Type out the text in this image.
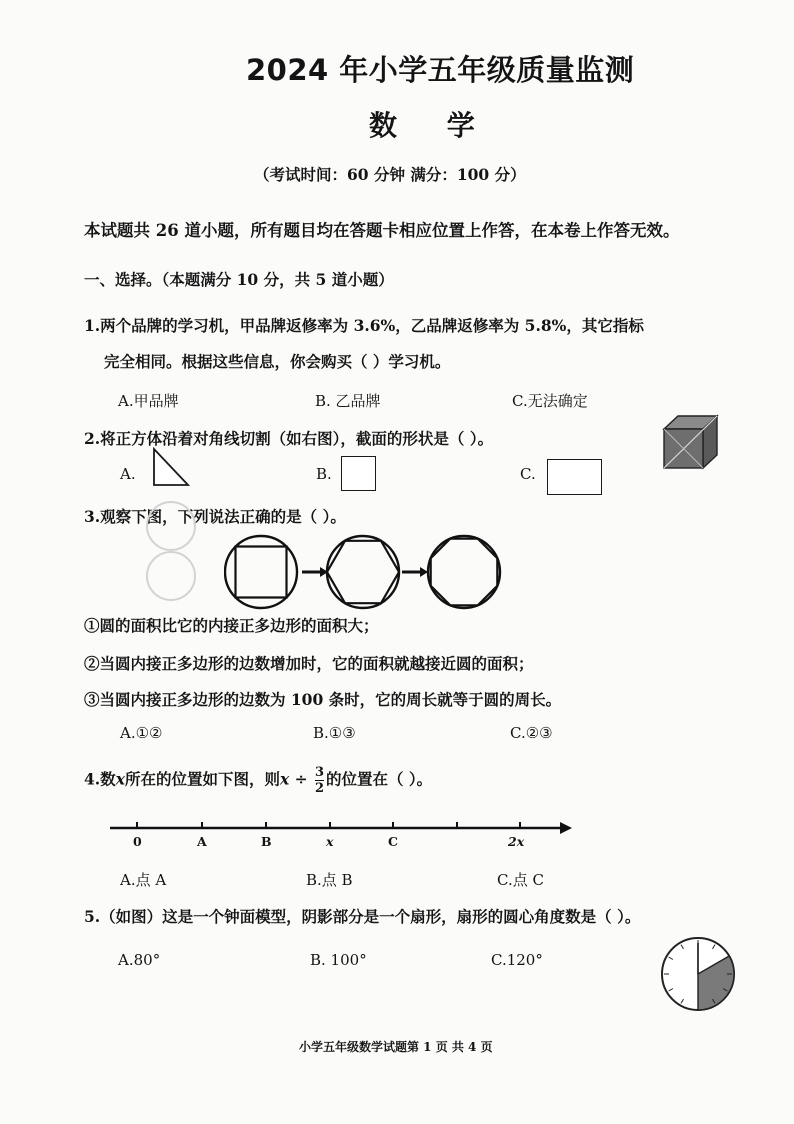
2024 年小学五年级质量监测
数 学
（考试时间：60 分钟 满分：100 分）
本试题共 26 道小题，所有题目均在答题卡相应位置上作答，在本卷上作答无效。
一、选择。（本题满分 10 分，共 5 道小题）
1.两个品牌的学习机，甲品牌返修率为 3.6%，乙品牌返修率为 5.8%，其它指标
完全相同。根据这些信息，你会购买（ ）学习机。
A.甲品牌	B. 乙品牌	C.无法确定
2.将正方体沿着对角线切割（如右图），截面的形状是（ ）。
A.	B.	C.
3.观察下图，下列说法正确的是（ ）。
①圆的面积比它的内接正多边形的面积大；
②当圆内接正多边形的边数增加时，它的面积就越接近圆的面积；
③当圆内接正多边形的边数为 100 条时，它的周长就等于圆的周长。
A.①②	B.①③	C.②③
4.数x所在的位置如下图，则$x \div \frac{3}{2}$ 的位置在（ ）。
0	A	B	x	C	2x
A.点 A	B.点 B	C.点 C
5.（如图）这是一个钟面模型，阴影部分是一个扇形，扇形的圆心角度数是（ ）。
A.80°	B. 100°	C.120°
小学五年级数学试题第 1 页 共 4 页
